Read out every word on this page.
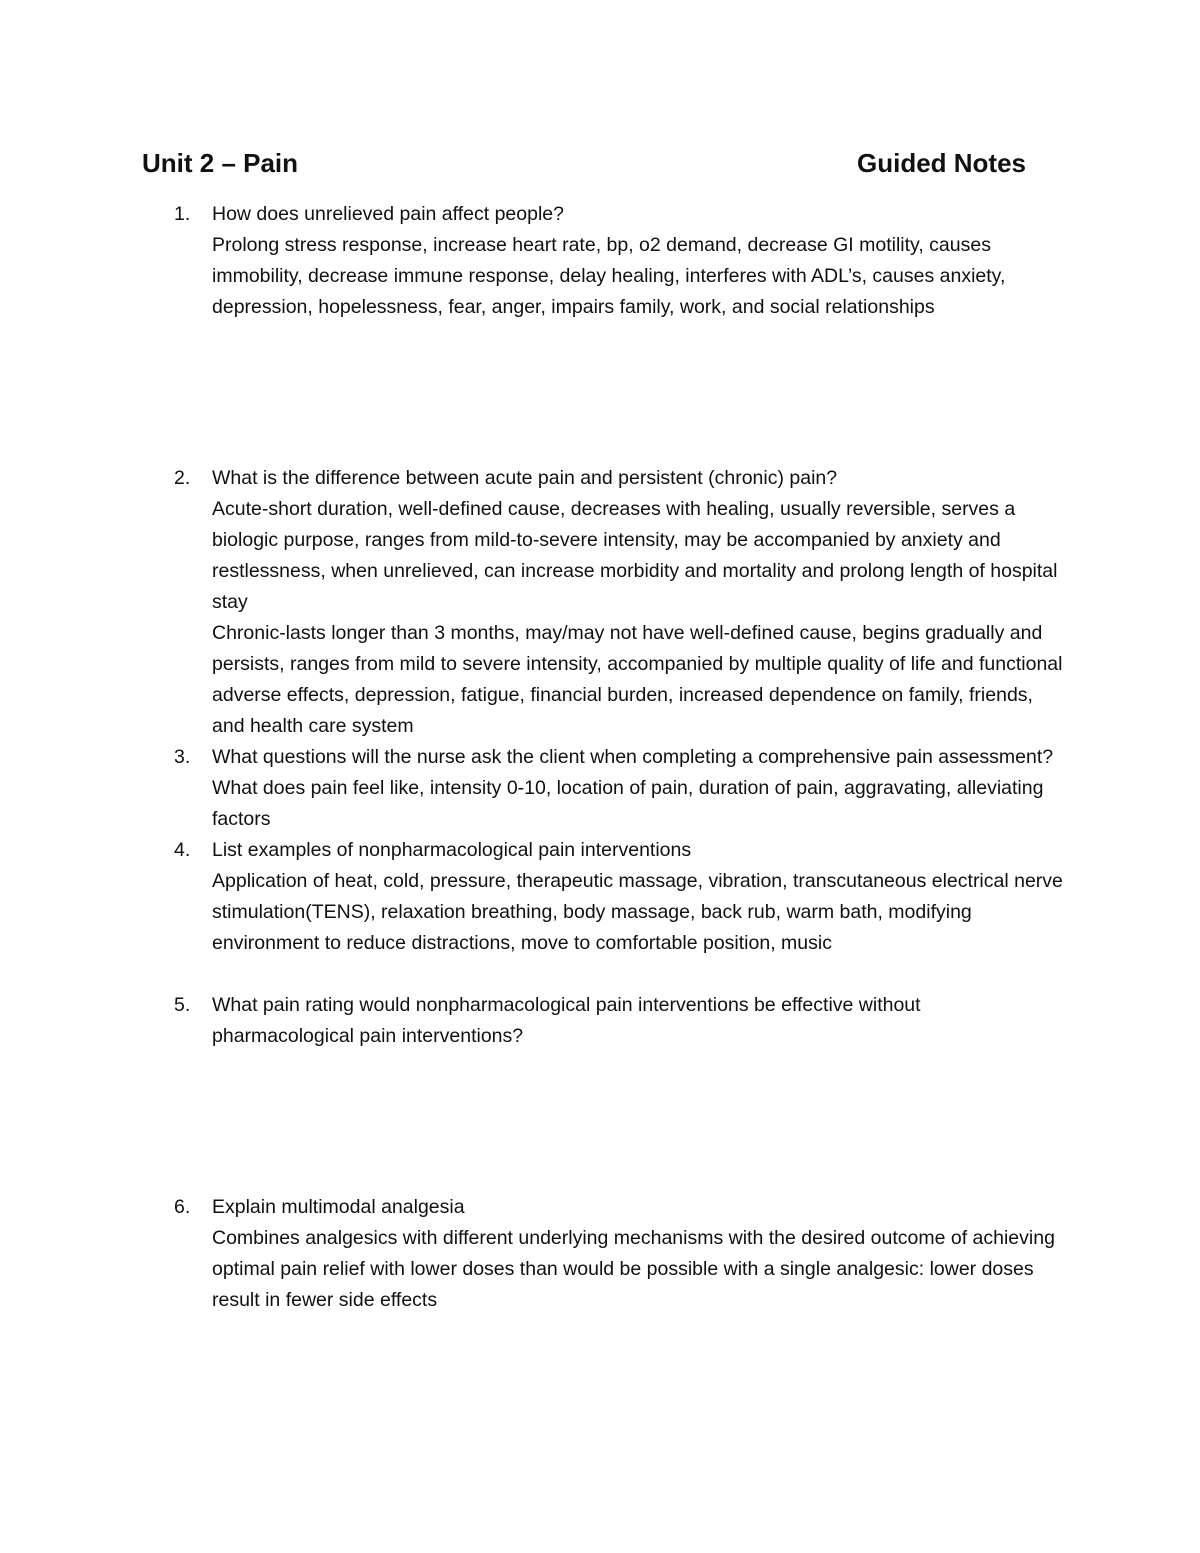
Unit 2 – Pain	Guided Notes
1.	How does unrelieved pain affect people?
Prolong stress response, increase heart rate, bp, o2 demand, decrease GI motility, causes immobility, decrease immune response, delay healing, interferes with ADL’s, causes anxiety, depression, hopelessness, fear, anger, impairs family, work, and social relationships
2.	What is the difference between acute pain and persistent (chronic) pain?
Acute-short duration, well-defined cause, decreases with healing, usually reversible, serves a biologic purpose, ranges from mild-to-severe intensity, may be accompanied by anxiety and restlessness, when unrelieved, can increase morbidity and mortality and prolong length of hospital stay
Chronic-lasts longer than 3 months, may/may not have well-defined cause, begins gradually and persists, ranges from mild to severe intensity, accompanied by multiple quality of life and functional adverse effects, depression, fatigue, financial burden, increased dependence on family, friends, and health care system
3.	What questions will the nurse ask the client when completing a comprehensive pain assessment? What does pain feel like, intensity 0-10, location of pain, duration of pain, aggravating, alleviating factors
4.	List examples of nonpharmacological pain interventions
Application of heat, cold, pressure, therapeutic massage, vibration, transcutaneous electrical nerve stimulation(TENS), relaxation breathing, body massage, back rub, warm bath, modifying environment to reduce distractions, move to comfortable position, music
5.	What pain rating would nonpharmacological pain interventions be effective without pharmacological pain interventions?
6.	Explain multimodal analgesia
Combines analgesics with different underlying mechanisms with the desired outcome of achieving optimal pain relief with lower doses than would be possible with a single analgesic: lower doses result in fewer side effects
